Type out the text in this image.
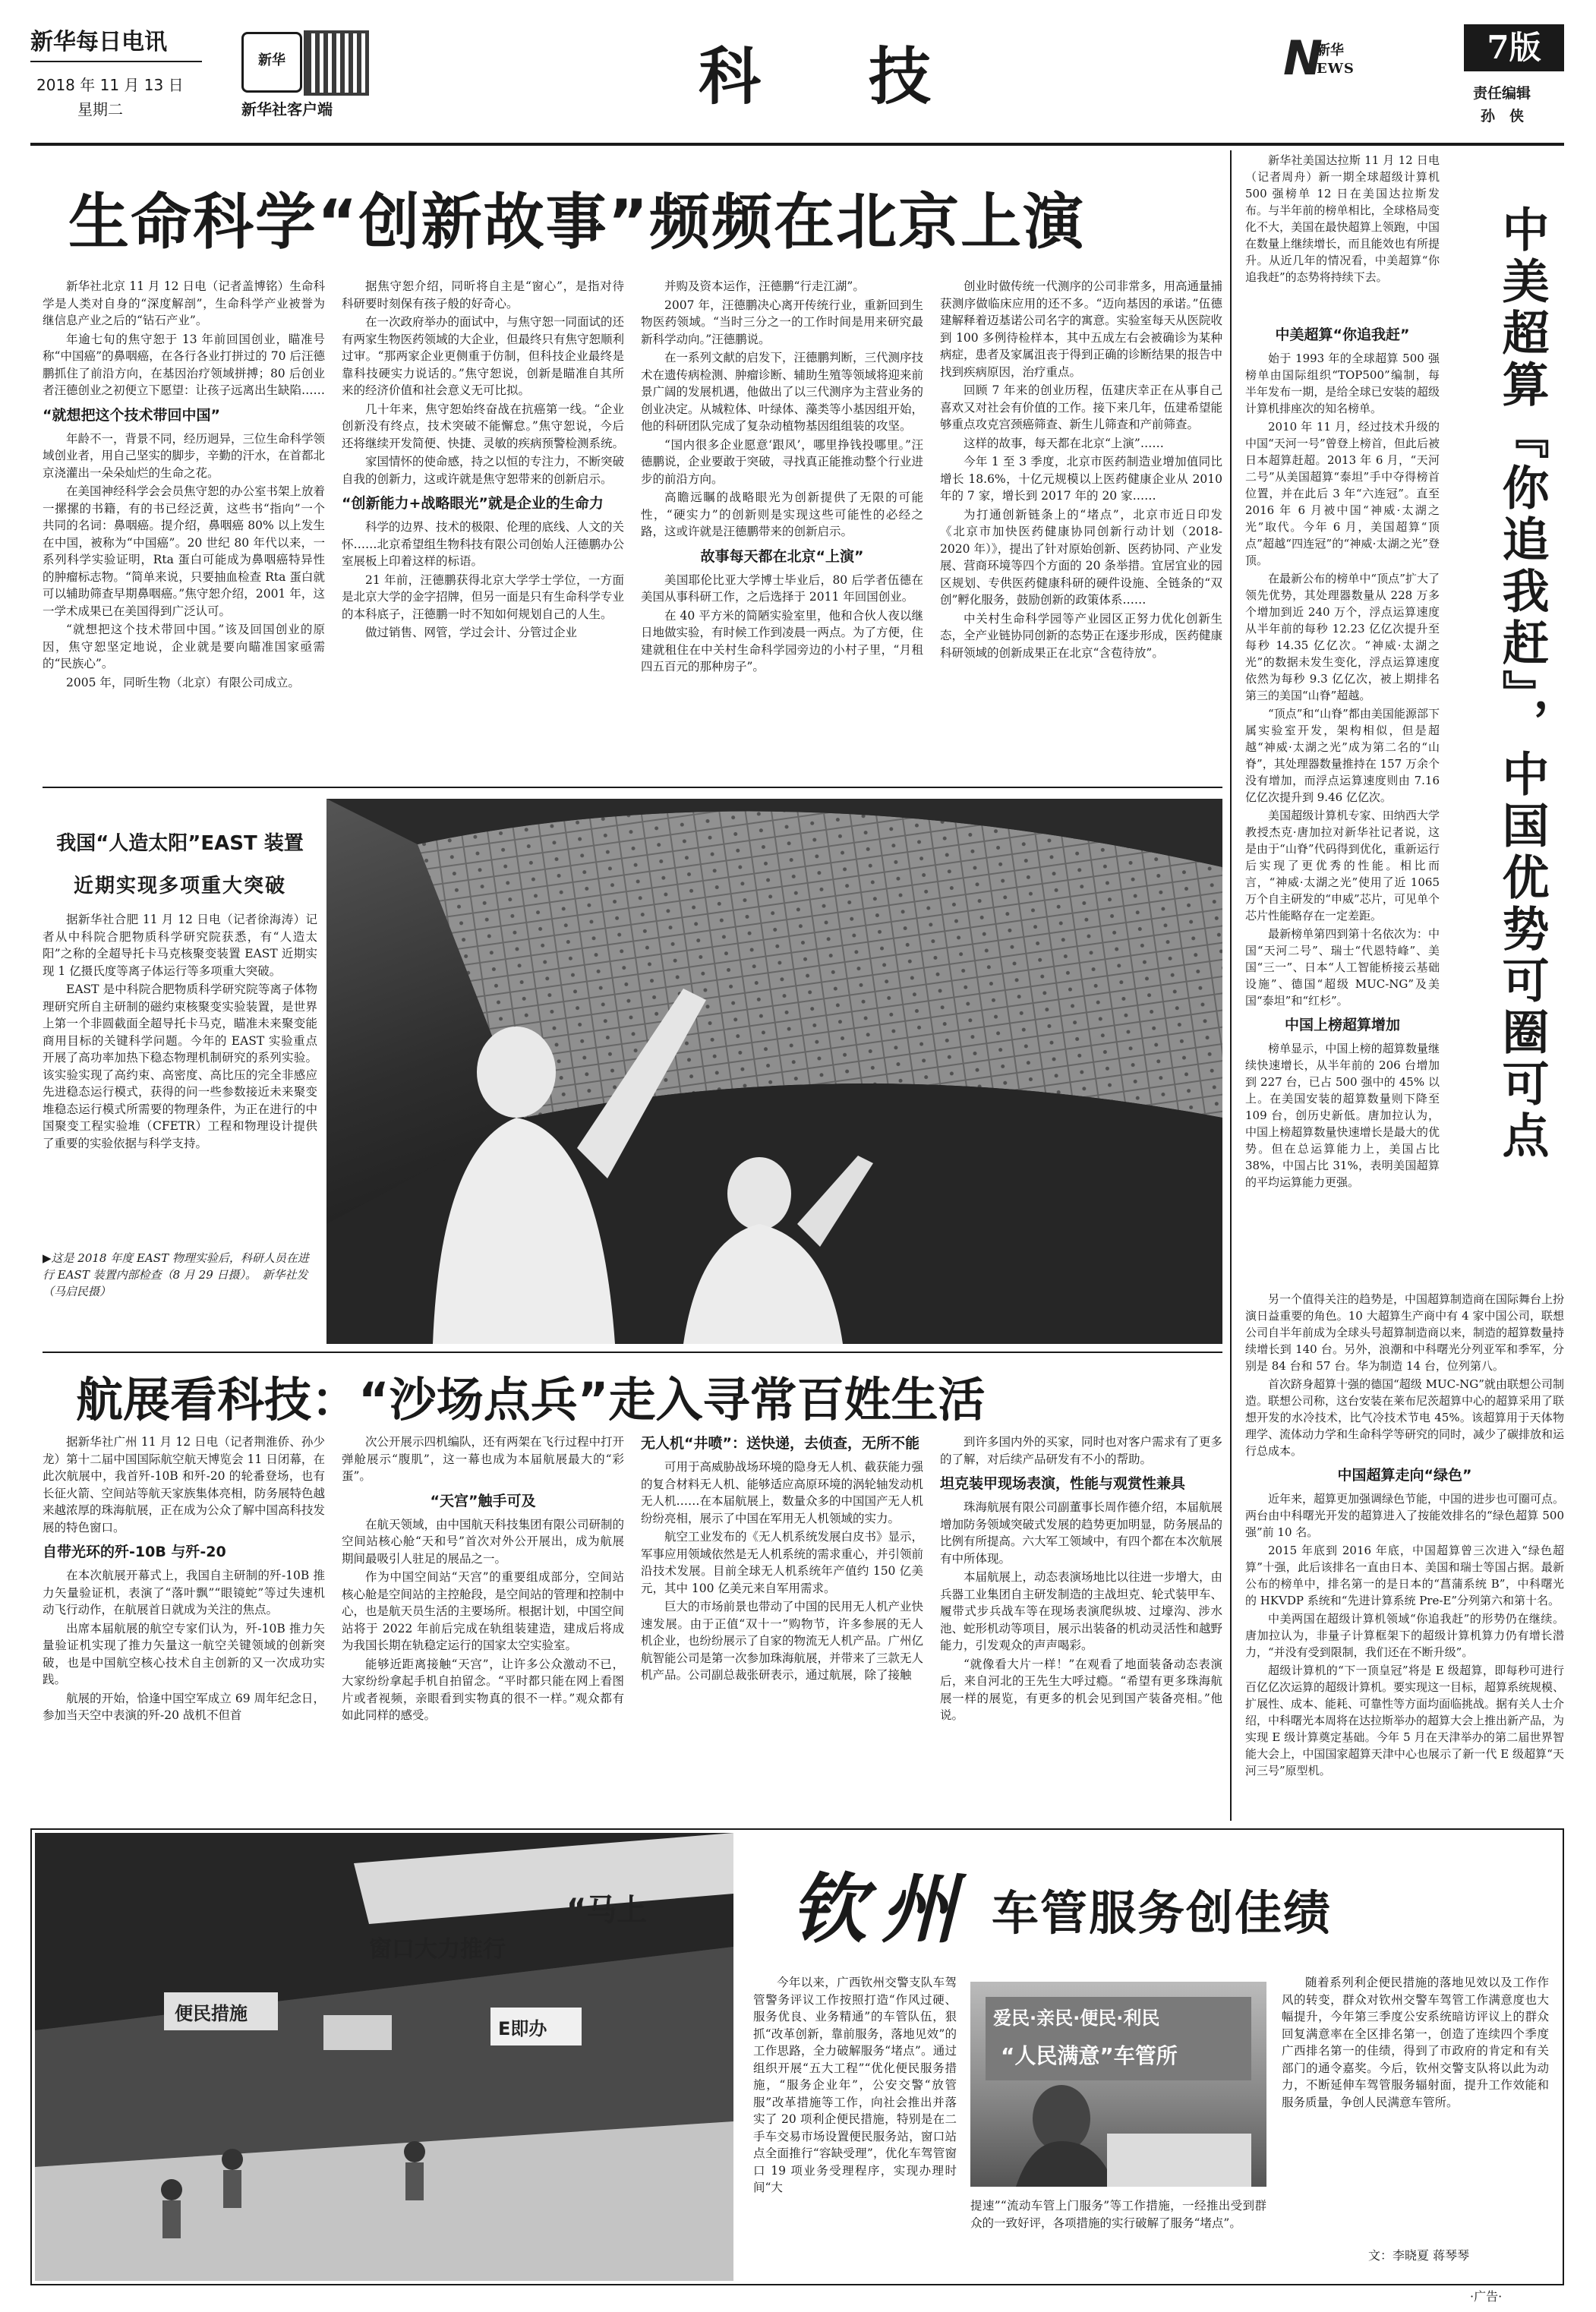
新华每日电讯
2018 年 11 月 13 日
星期二
新华
新华社客户端	科　技	N
新华
EWS
7版
责任编辑
孙　侠
生命科学“创新故事”频频在北京上演

新华社北京 11 月 12 日电（记者盖博铭）生命科学是人类对自身的“深度解剖”，生命科学产业被誉为继信息产业之后的“钻石产业”。

年逾七旬的焦守恕于 13 年前回国创业，瞄准号称“中国癌”的鼻咽癌，在各行各业打拼过的 70 后汪德鹏抓住了前沿方向，在基因治疗领域拼搏；80 后创业者汪德创业之初便立下愿望：让孩子远离出生缺陷……

“就想把这个技术带回中国”

年龄不一，背景不同，经历迥异，三位生命科学领域创业者，用自己坚实的脚步，辛勤的汗水，在首都北京浇灌出一朵朵灿烂的生命之花。

在美国神经科学会会员焦守恕的办公室书架上放着一摞摞的书籍，有的书已经泛黄，这些书“指向”一个共同的名词：鼻咽癌。提介绍，鼻咽癌 80% 以上发生在中国，被称为“中国癌”。20 世纪 80 年代以来，一系列科学实验证明，Rta 蛋白可能成为鼻咽癌特异性的肿瘤标志物。“简单来说，只要抽血检查 Rta 蛋白就可以辅助筛查早期鼻咽癌。”焦守恕介绍，2001 年，这一学术成果已在美国得到广泛认可。

“就想把这个技术带回中国。”该及回国创业的原因，焦守恕坚定地说，企业就是要向瞄准国家亟需的“民族心”。

2005 年，同昕生物（北京）有限公司成立。

据焦守恕介绍，同昕将自主是“窗心”，是指对待科研要时刻保有孩子般的好奇心。

在一次政府举办的面试中，与焦守恕一同面试的还有两家生物医药领域的大企业，但最终只有焦守恕顺利过审。“那两家企业更侧重于仿制，但科技企业最终是靠科技硬实力说话的。”焦守恕说，创新是瞄准自其所来的经济价值和社会意义无可比拟。

几十年来，焦守恕始终奋战在抗癌第一线。“企业创新没有终点，技术突破不能懈怠。”焦守恕说，今后还将继续开发简便、快捷、灵敏的疾病预警检测系统。

家国情怀的使命感，持之以恒的专注力，不断突破自我的创新力，这或许就是焦守恕带来的创新启示。

“创新能力+战略眼光”就是企业的生命力

科学的边界、技术的极限、伦理的底线、人文的关怀……北京希望组生物科技有限公司创始人汪德鹏办公室展板上印着这样的标语。

21 年前，汪德鹏获得北京大学学士学位，一方面是北京大学的金字招牌，但另一面是只有生命科学专业的本科底子，汪德鹏一时不知如何规划自己的人生。

做过销售、网管，学过会计、分管过企业

并购及资本运作，汪德鹏“行走江湖”。

2007 年，汪德鹏决心离开传统行业，重新回到生物医药领域。“当时三分之一的工作时间是用来研究最新科学动向。”汪德鹏说。

在一系列文献的启发下，汪德鹏判断，三代测序技术在遗传病检测、肿瘤诊断、辅助生殖等领域将迎来前景广阔的发展机遇，他做出了以三代测序为主营业务的创业决定。从城粒体、叶绿体、藻类等小基因组开始，他的科研团队完成了复杂动植物基因组组装的攻坚。

“国内很多企业愿意‘跟风’，哪里挣钱投哪里。”汪德鹏说，企业要敢于突破，寻找真正能推动整个行业进步的前沿方向。

高瞻远瞩的战略眼光为创新提供了无限的可能性，“硬实力”的创新则是实现这些可能性的必经之路，这或许就是汪德鹏带来的创新启示。

故事每天都在北京“上演”

美国耶伦比亚大学博士毕业后，80 后学者伍德在美国从事科研工作，之后选择于 2011 年回国创业。

在 40 平方米的简陋实验室里，他和合伙人夜以继日地做实验，有时候工作到凌晨一两点。为了方便，住建就租住在中关村生命科学园旁边的小村子里，“月租四五百元的那种房子”。

创业时做传统一代测序的公司非常多，用高通量捕获测序做临床应用的还不多。“迈向基因的承诺。”伍德建解释着迈基诺公司名字的寓意。实验室每天从医院收到 100 多例待检样本，其中五成左右会被确诊为某种病症，患者及家属沮丧于得到正确的诊断结果的报告中找到疾病原因，治疗重点。

回顾 7 年来的创业历程，伍建庆幸正在从事自己喜欢又对社会有价值的工作。接下来几年，伍建希望能够重点攻克宫颈癌筛查、新生儿筛查和产前筛查。

这样的故事，每天都在北京“上演”……

今年 1 至 3 季度，北京市医药制造业增加值同比增长 18.6%，十亿元规模以上医药健康企业从 2010 年的 7 家，增长到 2017 年的 20 家……

为打通创新链条上的“堵点”，北京市近日印发《北京市加快医药健康协同创新行动计划（2018-2020 年）》，提出了针对原始创新、医药协同、产业发展、营商环境等四个方面的 20 条举措。宜居宜业的园区规划、专供医药健康科研的硬件设施、全链条的“双创”孵化服务，鼓励创新的政策体系……

中关村生命科学园等产业园区正努力优化创新生态，全产业链协同创新的态势正在逐步形成，医药健康科研领域的创新成果正在北京“含苞待放”。

我国“人造太阳”EAST 装置
近期实现多项重大突破

据新华社合肥 11 月 12 日电（记者徐海涛）记者从中科院合肥物质科学研究院获悉，有“人造太阳”之称的全超导托卡马克核聚变装置 EAST 近期实现 1 亿摄氏度等离子体运行等多项重大突破。

EAST 是中科院合肥物质科学研究院等离子体物理研究所自主研制的磁约束核聚变实验装置，是世界上第一个非圆截面全超导托卡马克，瞄准未来聚变能商用目标的关键科学问题。今年的 EAST 实验重点开展了高功率加热下稳态物理机制研究的系列实验。该实验实现了高约束、高密度、高比压的完全非感应先进稳态运行模式，获得的问一些参数接近未来聚变堆稳态运行模式所需要的物理条件，为正在进行的中国聚变工程实验堆（CFETR）工程和物理设计提供了重要的实验依据与科学支持。

▶这是 2018 年度 EAST 物理实验后，科研人员在进行 EAST 装置内部检查（8 月 29 日摄）。　新华社发（马启民摄）
航展看科技：“沙场点兵”走入寻常百姓生活

据新华社广州 11 月 12 日电（记者荆淮侨、孙少龙）第十二届中国国际航空航天博览会 11 日闭幕，在此次航展中，我首歼-10B 和歼-20 的轮番登场，也有长征火箭、空间站等航天家族集体亮相，防务展特色越来越浓厚的珠海航展，正在成为公众了解中国高科技发展的特色窗口。

自带光环的歼-10B 与歼-20

在本次航展开幕式上，我国自主研制的歼-10B 推力矢量验证机，表演了“落叶飘”“眼镜蛇”等过失速机动飞行动作，在航展首日就成为关注的焦点。

出席本届航展的航空专家们认为，歼-10B 推力矢量验证机实现了推力矢量这一航空关键领域的创新突破，也是中国航空核心技术自主创新的又一次成功实践。

航展的开始，恰逢中国空军成立 69 周年纪念日，参加当天空中表演的歼-20 战机不但首

次公开展示四机编队，还有两架在飞行过程中打开弹舱展示“腹肌”，这一幕也成为本届航展最大的“彩蛋”。

“天宫”触手可及

在航天领域，由中国航天科技集团有限公司研制的空间站核心舱“天和号”首次对外公开展出，成为航展期间最吸引人驻足的展品之一。

作为中国空间站“天宫”的重要组成部分，空间站核心舱是空间站的主控舱段，是空间站的管理和控制中心，也是航天员生活的主要场所。根据计划，中国空间站将于 2022 年前后完成在轨组装建造，建成后将成为我国长期在轨稳定运行的国家太空实验室。

能够近距离接触“天宫”，让许多公众激动不已，大家纷纷拿起手机自拍留念。“平时都只能在网上看图片或者视频，亲眼看到实物真的很不一样。”观众都有如此同样的感受。

无人机“井喷”：送快递，去侦查，无所不能

可用于高威胁战场环境的隐身无人机、截获能力强的复合材料无人机、能够适应高原环境的涡轮轴发动机无人机……在本届航展上，数量众多的中国国产无人机纷纷亮相，展示了中国在军用无人机领域的实力。

航空工业发布的《无人机系统发展白皮书》显示，军事应用领域依然是无人机系统的需求重心，并引领前沿技术发展。目前全球无人机系统年产值约 150 亿美元，其中 100 亿美元来自军用需求。

巨大的市场前景也带动了中国的民用无人机产业快速发展。由于正值“双十一”购物节，许多参展的无人机企业，也纷纷展示了自家的物流无人机产品。广州亿航智能公司是第一次参加珠海航展，并带来了三款无人机产品。公司副总裁张研表示，通过航展，除了接触

到许多国内外的买家，同时也对客户需求有了更多的了解，对后续产品研发有不小的帮助。

坦克装甲现场表演，性能与观赏性兼具

珠海航展有限公司副董事长周作德介绍，本届航展增加防务领域突破式发展的趋势更加明显，防务展品的比例有所提高。六大军工领域中，有四个都在本次航展有中所体现。

本届航展上，动态表演场地比以往进一步增大，由兵器工业集团自主研发制造的主战坦克、轮式装甲车、履带式步兵战车等在现场表演爬纵坡、过壕沟、涉水池、蛇形机动等项目，展示出装备的机动灵活性和越野能力，引发观众的声声喝彩。

“就像看大片一样！”在观看了地面装备动态表演后，来自河北的王先生大呼过瘾。“希望有更多珠海航展一样的展览，有更多的机会见到国产装备亮相。”他说。

新华社美国达拉斯 11 月 12 日电（记者周舟）新一期全球超级计算机 500 强榜单 12 日在美国达拉斯发布。与半年前的榜单相比，全球格局变化不大，美国在最快超算上领跑，中国在数量上继续增长，而且能效也有所提升。从近几年的情况看，中美超算“你追我赶”的态势将持续下去。	中美超算『你追我赶』，中国优势可圈可点
中美超算“你追我赶”

始于 1993 年的全球超算 500 强榜单由国际组织“TOP500”编制，每半年发布一期，是给全球已安装的超级计算机排座次的知名榜单。

2010 年 11 月，经过技术升级的中国“天河一号”曾登上榜首，但此后被日本超算赶超。2013 年 6 月，“天河二号”从美国超算“泰坦”手中夺得榜首位置，并在此后 3 年“六连冠”。直至 2016 年 6 月被中国“神威·太湖之光”取代。今年 6 月，美国超算“顶点”超越“四连冠”的“神威·太湖之光”登顶。

在最新公布的榜单中“顶点”扩大了领先优势，其处理器数量从 228 万多个增加到近 240 万个，浮点运算速度从半年前的每秒 12.23 亿亿次提升至每秒 14.35 亿亿次。“神威·太湖之光”的数据未发生变化，浮点运算速度依然为每秒 9.3 亿亿次，被上期排名第三的美国“山脊”超越。

“顶点”和“山脊”都由美国能源部下属实验室开发，架构相似，但是超越“神威·太湖之光”成为第二名的“山脊”，其处理器数量推持在 157 万余个没有增加，而浮点运算速度则由 7.16 亿亿次提升到 9.46 亿亿次。

美国超级计算机专家、田纳西大学教授杰克·唐加拉对新华社记者说，这是由于“山脊”代码得到优化，重新运行后实现了更优秀的性能。相比而言，“神威·太湖之光”使用了近 1065 万个自主研发的“申威”芯片，可见单个芯片性能略存在一定差距。

最新榜单第四到第十名依次为：中国“天河二号”、瑞士“代恩特峰”、美国“三一”、日本“人工智能桥接云基础设施”、德国“超级 MUC-NG”及美国“泰坦”和“红杉”。

中国上榜超算增加

榜单显示，中国上榜的超算数量继续快速增长，从半年前的 206 台增加到 227 台，已占 500 强中的 45% 以上。在美国安装的超算数量则下降至 109 台，创历史新低。唐加拉认为，中国上榜超算数量快速增长是最大的优势。但在总运算能力上，美国占比 38%，中国占比 31%，表明美国超算的平均运算能力更强。

另一个值得关注的趋势是，中国超算制造商在国际舞台上扮演日益重要的角色。10 大超算生产商中有 4 家中国公司，联想公司自半年前成为全球头号超算制造商以来，制造的超算数量持续增长到 140 台。另外，浪潮和中科曙光分列亚军和季军，分别是 84 台和 57 台。华为制造 14 台，位列第八。

首次跻身超算十强的德国“超级 MUC-NG”就由联想公司制造。联想公司称，这台安装在莱布尼茨超算中心的超算采用了联想开发的水冷技术，比气冷技术节电 45%。该超算用于天体物理学、流体动力学和生命科学等研究的同时，减少了碳排放和运行总成本。

中国超算走向“绿色”

近年来，超算更加强调绿色节能，中国的进步也可圈可点。两台由中科曙光开发的超算进入了按能效排名的“绿色超算 500 强”前 10 名。

2015 年底到 2016 年底，中国超算曾三次进入“绿色超算”十强，此后该排名一直由日本、美国和瑞士等国占据。最新公布的榜单中，排名第一的是日本的“菖蒲系统 B”，中科曙光的 HKVDP 系统和“先进计算系统 Pre-E”分列第六和第十名。

中美两国在超级计算机领域“你追我赶”的形势仍在继续。唐加拉认为，非量子计算框架下的超级计算机算力仍有增长潜力，“并没有受到限制，我们还在不断升级”。

超级计算机的“下一顶皇冠”将是 E 级超算，即每秒可进行百亿亿次运算的超级计算机。要实现这一目标，超算系统规模、扩展性、成本、能耗、可靠性等方面均面临挑战。据有关人士介绍，中科曙光本周将在达拉斯举办的超算大会上推出新产品，为实现 E 级计算奠定基础。今年 5 月在天津举办的第二届世界智能大会上，中国国家超算天津中心也展示了新一代 E 级超算“天河三号”原型机。

窗口大力推行
“马上
便民措施
E即办
钦州 车管服务创佳绩
今年以来，广西钦州交警支队车驾管警务评议工作按照打造“作风过硬、服务优良、业务精通”的车管队伍，狠抓“改革创新，靠前服务，落地见效”的工作思路，全力破解服务“堵点”。通过组织开展“五大工程”“优化便民服务措施，“服务企业年”，公安交警“放管服”改革措施等工作，向社会推出并落实了 20 项利企便民措施，特别是在二手车交易市场设置便民服务站，窗口站点全面推行“容缺受理”，优化车驾管窗口 19 项业务受理程序，实现办理时间“大
爱民·亲民·便民·利民
“人民满意”车管所
提速”“流动车管上门服务”等工作措施，一经推出受到群众的一致好评，各项措施的实行破解了服务“堵点”。
随着系列利企便民措施的落地见效以及工作作风的转变，群众对钦州交警车驾管工作满意度也大幅提升，今年第三季度公安系统暗访评议上的群众回复满意率在全区排名第一，创造了连续四个季度广西排名第一的佳绩，得到了市政府的肯定和有关部门的通令嘉奖。今后，钦州交警支队将以此为动力，不断延伸车驾管服务辐射面，提升工作效能和服务质量，争创人民满意车管所。
文：李晓夏 蒋琴琴
·广告·
